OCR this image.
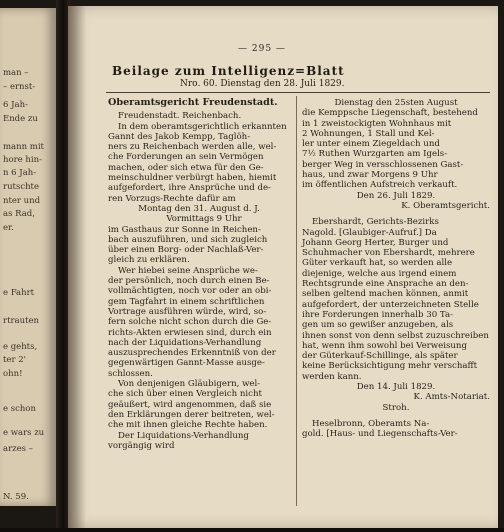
man –
– ernst-
6 Jah-
Ende zu
mann mit
hore hin-
n 6 Jah-
rutschte
nter und
as Rad,
er.
e Fahrt
rtrauten
e gehts,
ter 2'
ohn!
e schon
e wars zu
arzes –
N. 59.
— 295 —
Beilage zum Intelligenz=Blatt
Nro. 60. Dienstag den 28. Juli 1829.

Oberamtsgericht Freudenstadt.

Freudenstadt. Reichenbach.

In dem oberamtsgerichtlich erkannten

Gannt des Jakob Kempp, Taglöh-

ners zu Reichenbach werden alle, wel-

che Forderungen an sein Vermögen

machen, oder sich etwa für den Ge-

meinschuldner verbürgt haben, hiemit

aufgefordert, ihre Ansprüche und de-

ren Vorzugs-Rechte dafür am

Montag den 31. August d. J.

Vormittags 9 Uhr

im Gasthaus zur Sonne in Reichen-

bach auszuführen, und sich zugleich

über einen Borg- oder Nachlaß-Ver-

gleich zu erklären.

Wer hiebei seine Ansprüche we-

der persönlich, noch durch einen Be-

vollmächtigten, noch vor oder an obi-

gem Tagfahrt in einem schriftlichen

Vortrage ausführen würde, wird, so-

fern solche nicht schon durch die Ge-

richts-Akten erwiesen sind, durch ein

nach der Liquidations-Verhandlung

auszusprechendes Erkenntniß von der

gegenwärtigen Gannt-Masse ausge-

schlossen.

Von denjenigen Gläubigern, wel-

che sich über einen Vergleich nicht

geäußert, wird angenommen, daß sie

den Erklärungen derer beitreten, wel-

che mit ihnen gleiche Rechte haben.

Der Liquidations-Verhandlung

vorgängig wird

Dienstag den 25sten August

die Kemppsche Liegenschaft, bestehend

in 1 zweistockigten Wohnhaus mit

2 Wohnungen, 1 Stall und Kel-

ler unter einem Ziegeldach und

7½ Ruthen Wurzgarten am Igels-

berger Weg in versschlossenen Gast-

haus, und zwar Morgens 9 Uhr

im öffentlichen Aufstreich verkauft.

Den 26. Juli 1829.

K. Oberamtsgericht.

Ebershardt, Gerichts-Bezirks

Nagold. [Glaubiger-Aufruf.] Da

Johann Georg Herter, Burger und

Schuhmacher von Ebershardt, mehrere

Güter verkauft hat, so werden alle

diejenige, welche aus irgend einem

Rechtsgrunde eine Ansprache an den-

selben geltend machen können, anmit

aufgefordert, der unterzeichneten Stelle

ihre Forderungen innerhalb 30 Ta-

gen um so gewißer anzugeben, als

ihnen sonst von denn selbst zuzuschreiben

hat, wenn ihm sowohl bei Verweisung

der Güterkauf-Schillinge, als später

keine Berücksichtigung mehr verschafft

werden kann.

Den 14. Juli 1829.

K. Amts-Notariat.

Stroh.

Heselbronn, Oberamts Na-

gold. [Haus- und Liegenschafts-Ver-
